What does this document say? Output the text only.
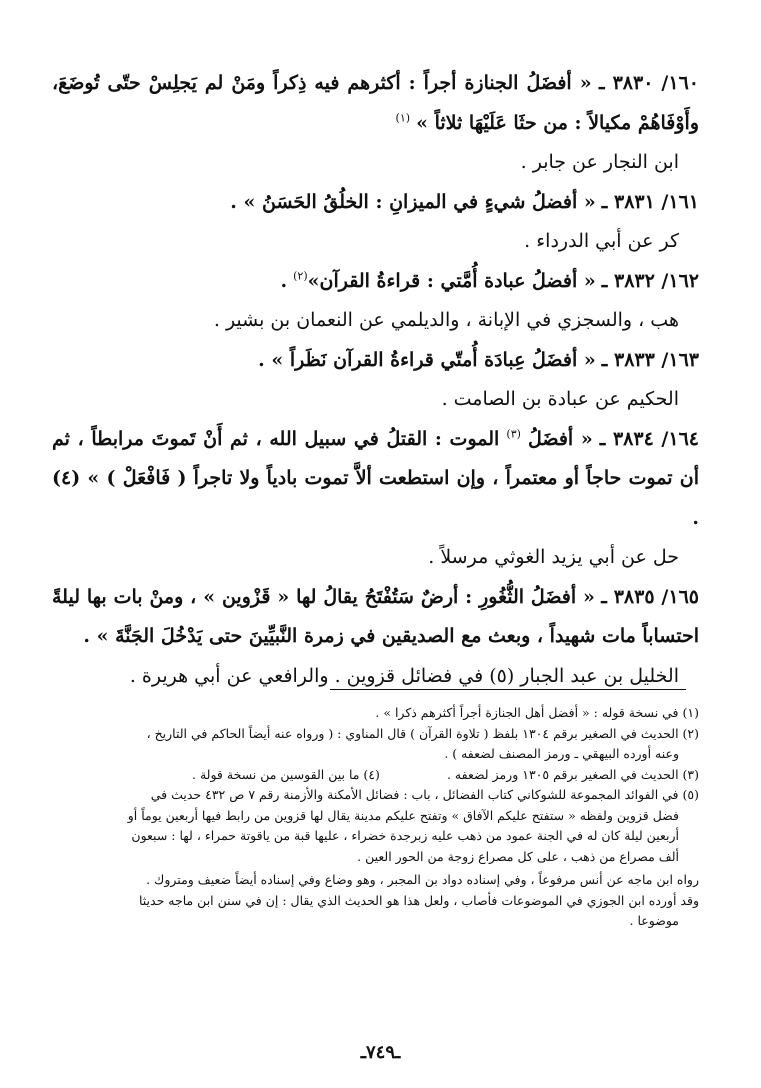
١٦٠/ ٣٨٣٠ ـ « أفضَلُ الجنازة أجراً : أكثرهم فيه ذِكراً ومَنْ لم يَجلِسْ حتّى تُوضَعَ، وأَوْفَاهُمْ مكيالاً : من حثَا عَلَيْهَا ثلاثاً » $^{(١)}$

ابن النجار عن جابر .

١٦١/ ٣٨٣١ ـ « أفضلُ شيءٍ في الميزانِ : الخلُقُ الحَسَنُ » .

كر عن أبي الدرداء .

١٦٢/ ٣٨٣٢ ـ « أفضلُ عبادة أُمَّتي : قراءةُ القرآن»$^{(٢)}$ .

هب ، والسجزي في الإبانة ، والديلمي عن النعمان بن بشير .

١٦٣/ ٣٨٣٣ ـ « أفضَلُ عِبادَة أُمتّي قراءةُ القرآن نَظَراً » .

الحكيم عن عبادة بن الصامت .

١٦٤/ ٣٨٣٤ ـ « أفضَلُ $^{(٣)}$ الموت : القتلُ في سبيل الله ، ثم أَنْ تَموتَ مرابطاً ، ثم أن تموت حاجاً أو معتمراً ، وإن استطعت ألاَّ تموت بادياً ولا تاجراً ( فَافْعَلْ ) » (٤) .

حل عن أبي يزيد الغوثي مرسلاً .

١٦٥/ ٣٨٣٥ ـ « أفضَلُ الثُّغُورِ : أرضٌ سَتُفْتَحُ يقالُ لها « قَزْوين » ، ومنْ بات بها ليلةً احتساباً مات شهيداً ، وبعث مع الصديقين في زمرة النَّبيِّينَ حتى يَدْخُلَ الجَنَّةَ » .

الخليل بن عبد الجبار (٥) في فضائل قزوين . والرافعي عن أبي هريرة .

(١) في نسخة قوله : « أفضل أهل الجنازة أجراً أكثرهم ذكرا » .

(٢) الحديث في الصغير برقم ١٣٠٤ بلفظ ( تلاوة القرآن ) قال المناوي : ( ورواه عنه أيضاً الحاكم في التاريخ ،

وعنه أورده البيهقي ـ ورمز المصنف لضعفه ) .

(٣) الحديث في الصغير برقم ١٣٠٥ ورمز لضعفه .
(٤) ما بين القوسين من نسخة قولة .

(٥) في الفوائد المجموعة للشوكاني كتاب الفضائل ، باب : فضائل الأمكنة والأزمنة رقم ٧ ص ٤٣٢ حديث في

فضل قزوين ولفظه « ستفتح عليكم الآفاق » وتفتح عليكم مدينة يقال لها قزوين من رابط فيها أربعين يوماً أو

أربعين ليلة كان له في الجنة عمود من ذهب عليه زبرجدة خضراء ، عليها قبة من ياقوتة حمراء ، لها : سبعون

ألف مصراع من ذهب ، على كل مصراع زوجة من الحور العين .

رواه ابن ماجه عن أنس مرفوعاً ، وفي إسناده دواد بن المجبر ، وهو وضاع وفي إسناده أيضاً ضعيف ومتروك .

وقد أورده ابن الجوزي في الموضوعات فأصاب ، ولعل هذا هو الحديث الذي يقال : إن في سنن ابن ماجه حديثا

موضوعا .

ـ٧٤٩ـ
